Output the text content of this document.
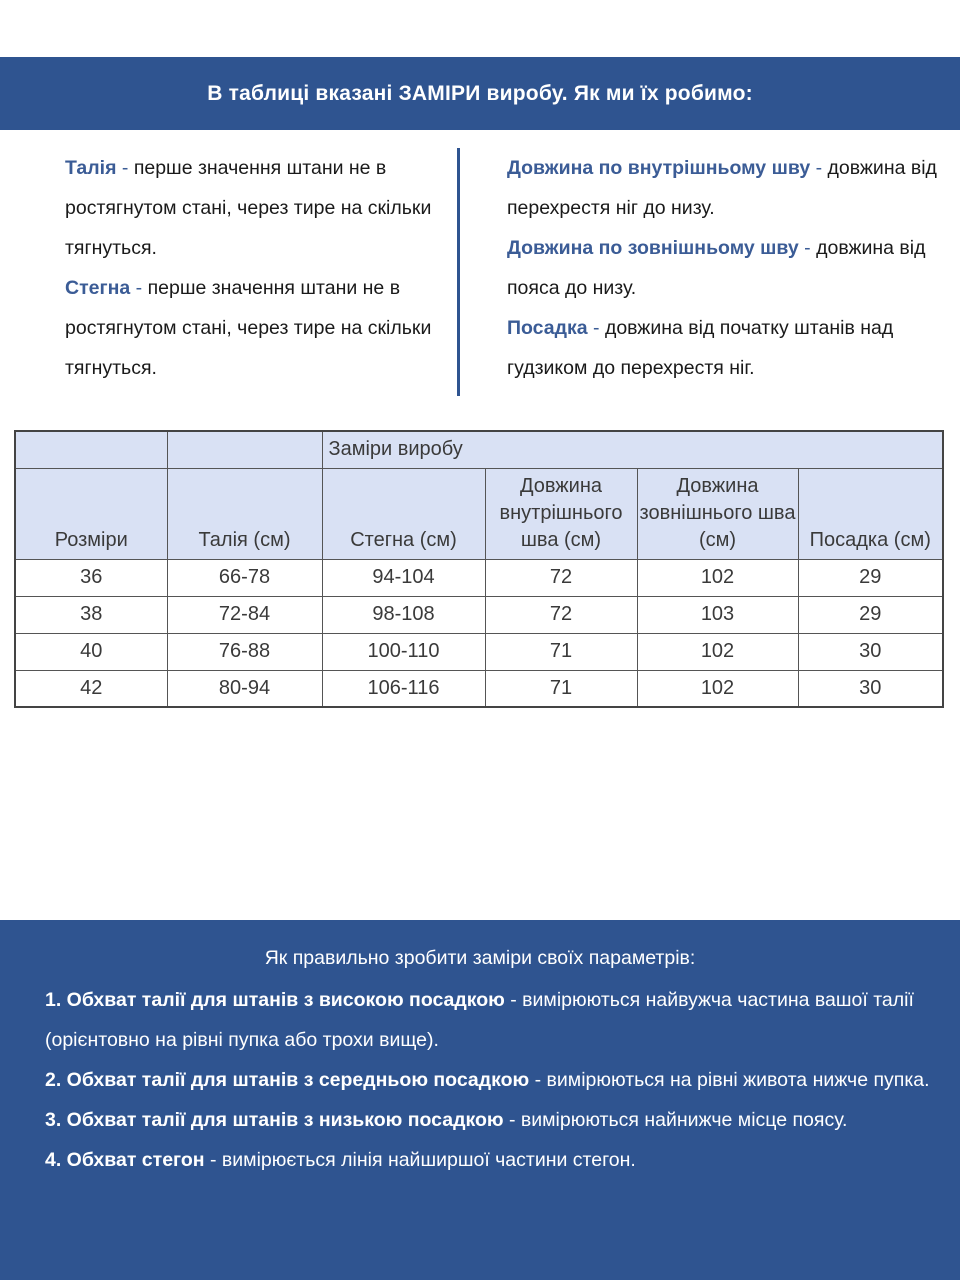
В таблиці вказані ЗАМІРИ виробу. Як ми їх робимо:
Талія - перше значення штани не в ростягнутом стані, через тире на скільки тягнуться.
Стегна - перше значення штани не в ростягнутом стані, через тире на скільки тягнуться.
Довжина по внутрішньому шву - довжина від перехрестя ніг до низу.
Довжина по зовнішньому шву - довжина від пояса до низу.
Посадка - довжина від початку штанів над гудзиком до перехрестя ніг.
		Заміри виробу			
Розміри	Талія (см)	Стегна (см)	Довжина внутрішнього шва (см)	Довжина зовнішнього шва (см)	Посадка (см)
36	66-78	94-104	72	102	29
38	72-84	98-108	72	103	29
40	76-88	100-110	71	102	30
42	80-94	106-116	71	102	30
Як правильно зробити заміри своїх параметрів:
1. Обхват талії для штанів з високою посадкою - вимірюються найвужча частина вашої талії (орієнтовно на рівні пупка або трохи вище).
2. Обхват талії для штанів з середньою посадкою - вимірюються на рівні живота нижче пупка.
3. Обхват талії для штанів з низькою посадкою - вимірюються найнижче місце поясу.
4. Обхват стегон - вимірюється лінія найширшої частини стегон.
